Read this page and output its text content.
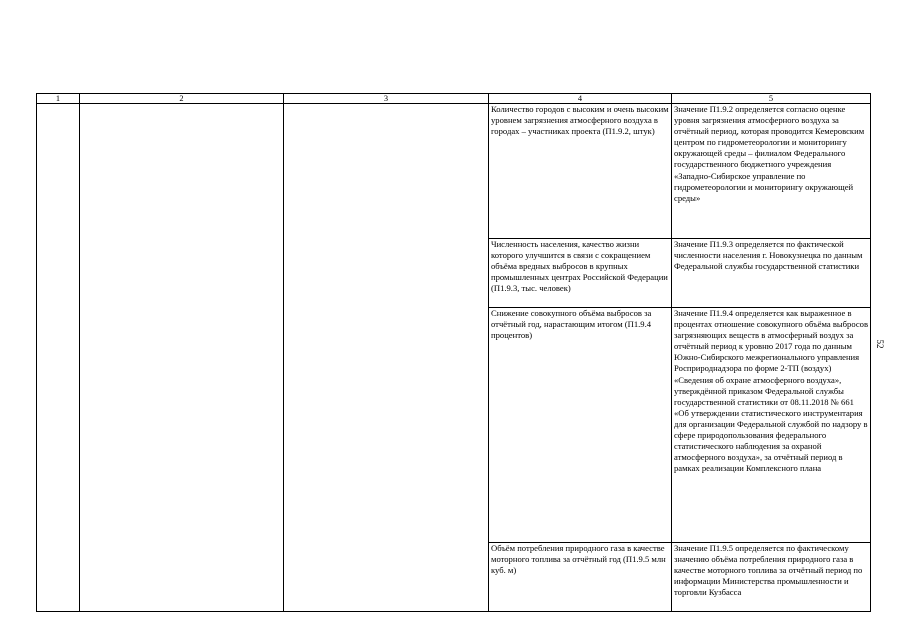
1	2	3	4	5
			Количество городов с высоким и очень высоким уровнем загрязнения атмосферного воздуха в городах – участниках проекта (П1.9.2, штук)	Значение П1.9.2 определяется согласно оценке уровня загрязнения атмосферного воздуха за отчётный период, которая проводится Кемеровским центром по гидрометеорологии и мониторингу окружающей среды – филиалом Федерального государственного бюджетного учреждения «Западно-Сибирское управление по гидрометеорологии и мониторингу окружающей среды»
			Численность населения, качество жизни которого улучшится в связи с сокращением объёма вредных выбросов в крупных промышленных центрах Российской Федерации (П1.9.3, тыс. человек)	Значение П1.9.3 определяется по фактической численности населения г. Новокузнецка по данным Федеральной службы государственной статистики
			Снижение совокупного объёма выбросов за отчётный год, нарастающим итогом (П1.9.4 процентов)	Значение П1.9.4 определяется как выраженное в процентах отношение совокупного объёма выбросов загрязняющих веществ в атмосферный воздух за отчётный период к уровню 2017 года по данным Южно-Сибирского межрегионального управления Росприроднадзора по форме 2-ТП (воздух) «Сведения об охране атмосферного воздуха», утверждённой приказом Федеральной службы государственной статистики от 08.11.2018 № 661 «Об утверждении статистического инструментария для организации Федеральной службой по надзору в сфере природопользования федерального статистического наблюдения за охраной атмосферного воздуха», за отчётный период в рамках реализации Комплексного плана
			Объём потребления природного газа в качестве моторного топлива за отчётный год (П1.9.5 млн куб. м)	Значение П1.9.5 определяется по фактическому значению объёма потребления природного газа в качестве моторного топлива за отчётный период по информации Министерства промышленности и торговли Кузбасса
52
